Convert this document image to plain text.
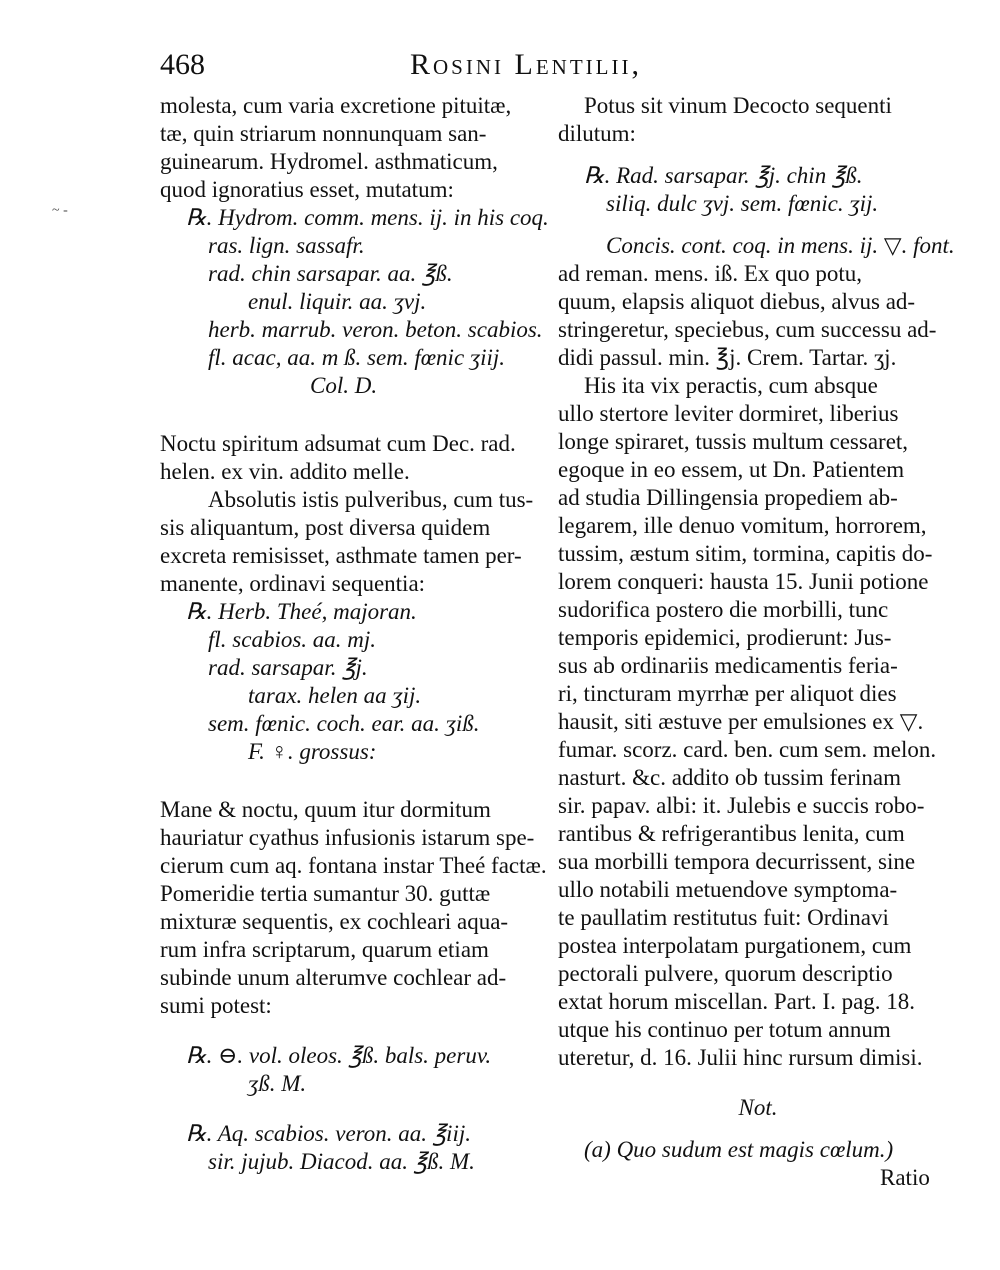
468	Rosini Lentilii,
~ -
molesta, cum varia excretione pituitæ,
tæ, quin striarum nonnunquam san-
guinearum. Hydromel. asthmaticum,
quod ignoratius esset, mutatum:
℞. Hydrom. comm. mens. ij. in his coq.
ras. lign. sassafr.
rad. chin sarsapar. aa. ℥ß.
enul. liquir. aa. ʒvj.
herb. marrub. veron. beton. scabios.
fl. acac, aa. m ß. sem. fœnic ʒiij.
Col. D.
Noctu spiritum adsumat cum Dec. rad.
helen. ex vin. addito melle.
Absolutis istis pulveribus, cum tus-
sis aliquantum, post diversa quidem
excreta remisisset, asthmate tamen per-
manente, ordinavi sequentia:
℞. Herb. Theé, majoran.
fl. scabios. aa. mj.
rad. sarsapar. ℥j.
tarax. helen aa ʒij.
sem. fœnic. coch. ear. aa. ʒiß.
F. ♀. grossus:
Mane & noctu, quum itur dormitum
hauriatur cyathus infusionis istarum spe-
cierum cum aq. fontana instar Theé factæ.
Pomeridie tertia sumantur 30. guttæ
mixturæ sequentis, ex cochleari aqua-
rum infra scriptarum, quarum etiam
subinde unum alterumve cochlear ad-
sumi potest:
℞. ⊖. vol. oleos. ℥ß. bals. peruv.
ʒß. M.
℞. Aq. scabios. veron. aa. ℥iij.
sir. jujub. Diacod. aa. ℥ß. M.
Potus sit vinum Decocto sequenti
dilutum:
℞. Rad. sarsapar. ℥j. chin ℥ß.
siliq. dulc ʒvj. sem. fœnic. ʒij.
Concis. cont. coq. in mens. ij. ▽. font.
ad reman. mens. iß. Ex quo potu,
quum, elapsis aliquot diebus, alvus ad-
stringeretur, speciebus, cum successu ad-
didi passul. min. ℥j. Crem. Tartar. ʒj.
His ita vix peractis, cum absque
ullo stertore leviter dormiret, liberius
longe spiraret, tussis multum cessaret,
egoque in eo essem, ut Dn. Patientem
ad studia Dillingensia propediem ab-
legarem, ille denuo vomitum, horrorem,
tussim, æstum sitim, tormina, capitis do-
lorem conqueri: hausta 15. Junii potione
sudorifica postero die morbilli, tunc
temporis epidemici, prodierunt: Jus-
sus ab ordinariis medicamentis feria-
ri, tincturam myrrhæ per aliquot dies
hausit, siti æstuve per emulsiones ex ▽.
fumar. scorz. card. ben. cum sem. melon.
nasturt. &c. addito ob tussim ferinam
sir. papav. albi: it. Julebis e succis robo-
rantibus & refrigerantibus lenita, cum
sua morbilli tempora decurrissent, sine
ullo notabili metuendove symptoma-
te paullatim restitutus fuit: Ordinavi
postea interpolatam purgationem, cum
pectorali pulvere, quorum descriptio
extat horum miscellan. Part. I. pag. 18.
utque his continuo per totum annum
uteretur, d. 16. Julii hinc rursum dimisi.
Not.
(a) Quo sudum est magis cœlum.)
Ratio
